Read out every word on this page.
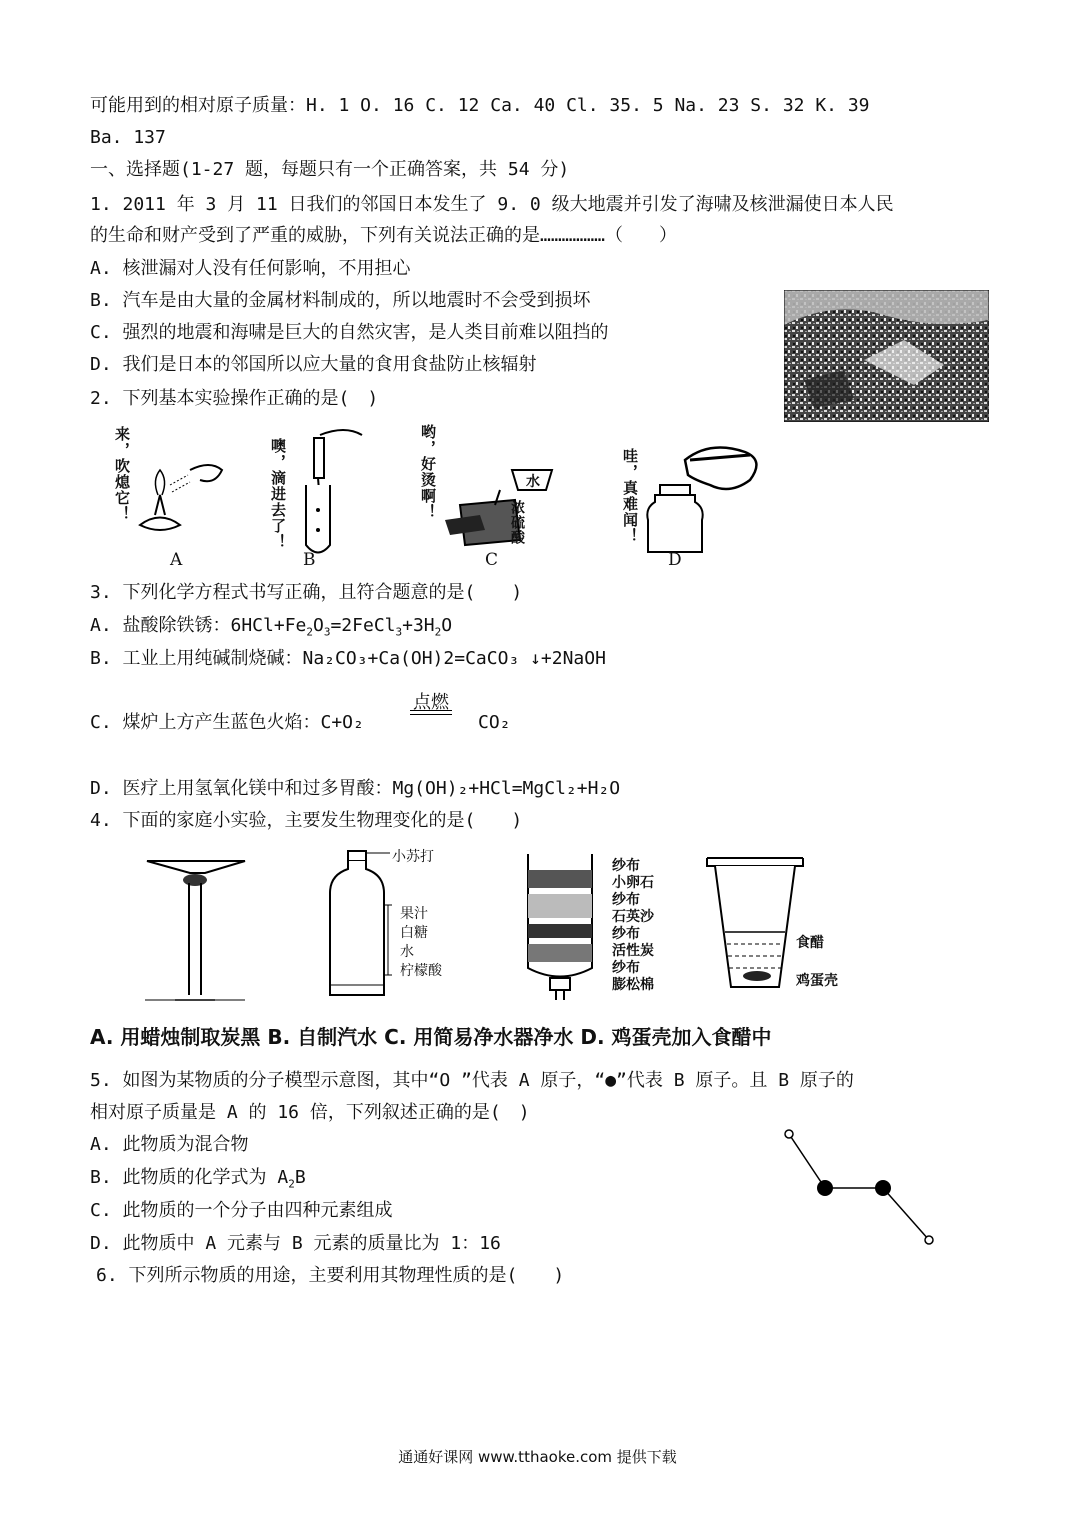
可能用到的相对原子质量：H. 1 O. 16 C. 12 Ca. 40 Cl. 35. 5 Na. 23 S. 32 K. 39
Ba. 137
一、选择题(1-27 题，每题只有一个正确答案，共 54 分)
1. 2011 年 3 月 11 日我们的邻国日本发生了 9. 0 级大地震并引发了海啸及核泄漏使日本人民
的生命和财产受到了严重的威胁，下列有关说法正确的是………………（　　）
A. 核泄漏对人没有任何影响，不用担心
B. 汽车是由大量的金属材料制成的，所以地震时不会受到损坏
C. 强烈的地震和海啸是巨大的自然灾害，是人类目前难以阻挡的
D. 我们是日本的邻国所以应大量的食用食盐防止核辐射
2. 下列基本实验操作正确的是(　)
来，吹熄它！
A
噢，滴进去了！
B
哟，好烫啊！	水
浓硫酸
C
哇，真难闻！
D
3. 下列化学方程式书写正确，且符合题意的是(　　)
A. 盐酸除铁锈：$6HCl+Fe_2O_3=2FeCl_3+3H_2O$
B. 工业上用纯碱制烧碱：Na₂CO₃+Ca(OH)2=CaCO₃ ↓+2NaOH
C. 煤炉上方产生蓝色火焰：C+O₂
点燃
CO₂
D. 医疗上用氢氧化镁中和过多胃酸：Mg(OH)₂+HCl=MgCl₂+H₂O
4. 下面的家庭小实验，主要发生物理变化的是(　　)
小苏打
果汁
白糖
水
柠檬酸
纱布
小卵石
纱布
石英沙
纱布
活性炭
纱布
膨松棉
食醋
鸡蛋壳
A. 用蜡烛制取炭黑 B. 自制汽水 C. 用简易净水器净水 D. 鸡蛋壳加入食醋中
5. 如图为某物质的分子模型示意图，其中“O ”代表 A 原子，“●”代表 B 原子。且 B 原子的
相对原子质量是 A 的 16 倍，下列叙述正确的是(　)
A. 此物质为混合物
B. 此物质的化学式为 $A_2B$
C. 此物质的一个分子由四种元素组成
D. 此物质中 A 元素与 B 元素的质量比为 1：16
6. 下列所示物质的用途，主要利用其物理性质的是(　　)
通通好课网 www.tthaoke.com 提供下载
